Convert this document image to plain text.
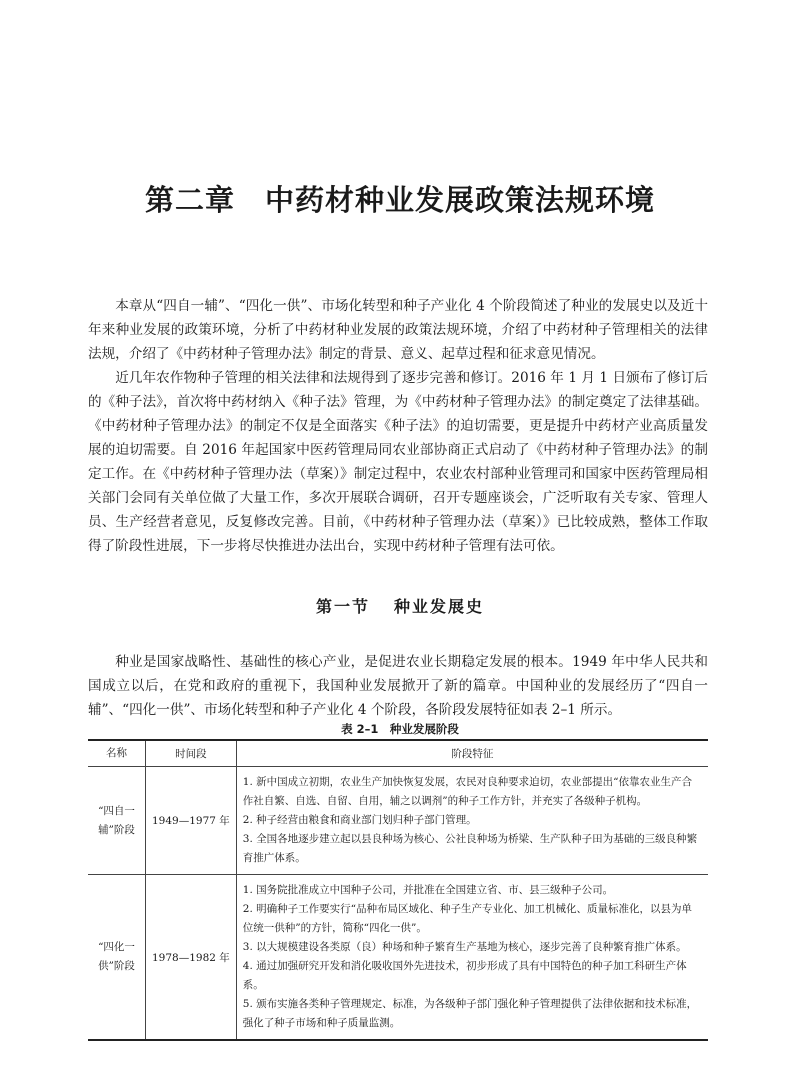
第二章 中药材种业发展政策法规环境

本章从“四自一辅”、“四化一供”、市场化转型和种子产业化 4 个阶段简述了种业的发展史以及近十年来种业发展的政策环境，分析了中药材种业发展的政策法规环境，介绍了中药材种子管理相关的法律法规，介绍了《中药材种子管理办法》制定的背景、意义、起草过程和征求意见情况。

近几年农作物种子管理的相关法律和法规得到了逐步完善和修订。2016 年 1 月 1 日颁布了修订后的《种子法》，首次将中药材纳入《种子法》管理，为《中药材种子管理办法》的制定奠定了法律基础。《中药材种子管理办法》的制定不仅是全面落实《种子法》的迫切需要，更是提升中药材产业高质量发展的迫切需要。自 2016 年起国家中医药管理局同农业部协商正式启动了《中药材种子管理办法》的制定工作。在《中药材种子管理办法（草案）》制定过程中，农业农村部种业管理司和国家中医药管理局相关部门会同有关单位做了大量工作，多次开展联合调研，召开专题座谈会，广泛听取有关专家、管理人员、生产经营者意见，反复修改完善。目前，《中药材种子管理办法（草案）》已比较成熟，整体工作取得了阶段性进展，下一步将尽快推进办法出台，实现中药材种子管理有法可依。

第一节 种业发展史

种业是国家战略性、基础性的核心产业，是促进农业长期稳定发展的根本。1949 年中华人民共和国成立以后，在党和政府的重视下，我国种业发展掀开了新的篇章。中国种业的发展经历了“四自一辅”、“四化一供”、市场化转型和种子产业化 4 个阶段，各阶段发展特征如表 2–1 所示。

表 2–1　种业发展阶段

名称	时间段	阶段特征
“四自一辅”阶段	1949—1977 年	1. 新中国成立初期，农业生产加快恢复发展，农民对良种要求迫切，农业部提出“依靠农业生产合作社自繁、自选、自留、自用，辅之以调剂”的种子工作方针，并充实了各级种子机构。

2. 种子经营由粮食和商业部门划归种子部门管理。

3. 全国各地逐步建立起以县良种场为核心、公社良种场为桥梁、生产队种子田为基础的三级良种繁育推广体系。

“四化一供”阶段	1978—1982 年	1. 国务院批准成立中国种子公司，并批准在全国建立省、市、县三级种子公司。

2. 明确种子工作要实行“品种布局区域化、种子生产专业化、加工机械化、质量标准化，以县为单位统一供种”的方针，简称“四化一供”。

3. 以大规模建设各类原（良）种场和种子繁育生产基地为核心，逐步完善了良种繁育推广体系。

4. 通过加强研究开发和消化吸收国外先进技术，初步形成了具有中国特色的种子加工科研生产体系。

5. 颁布实施各类种子管理规定、标准，为各级种子部门强化种子管理提供了法律依据和技术标准，强化了种子市场和种子质量监测。
